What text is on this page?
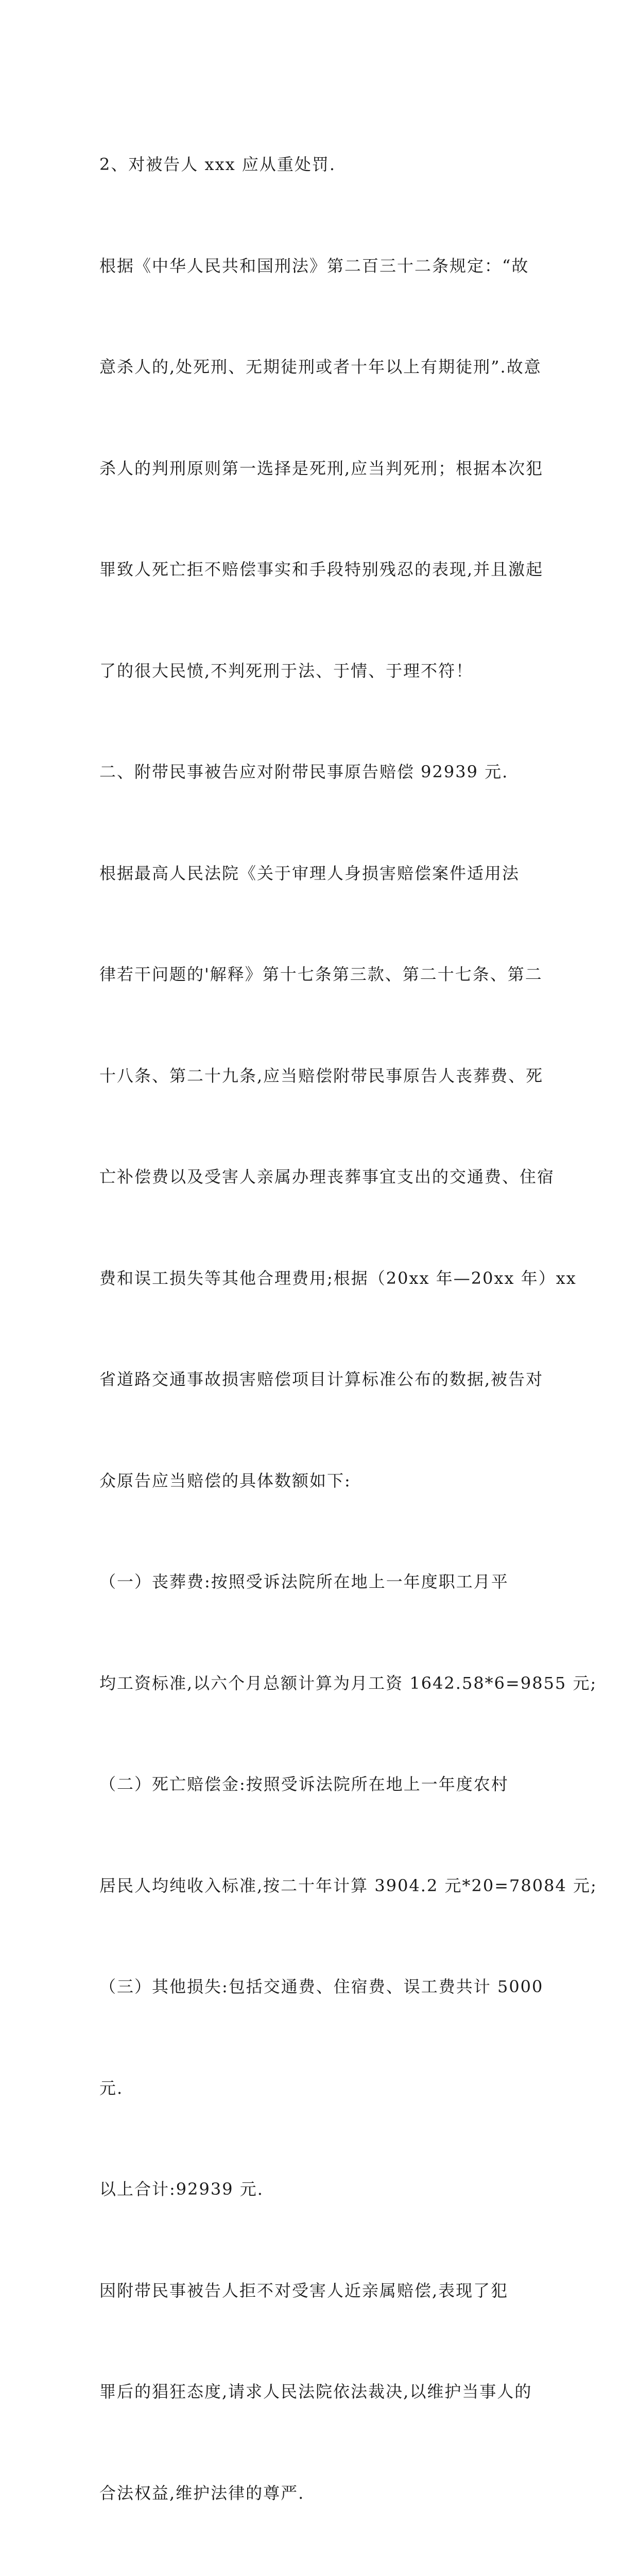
2、对被告人 xxx 应从重处罚.

根据《中华人民共和国刑法》第二百三十二条规定：“故

意杀人的,处死刑、无期徒刑或者十年以上有期徒刑”.故意

杀人的判刑原则第一选择是死刑,应当判死刑；根据本次犯

罪致人死亡拒不赔偿事实和手段特别残忍的表现,并且激起

了的很大民愤,不判死刑于法、于情、于理不符！

二、附带民事被告应对附带民事原告赔偿 92939 元.

根据最高人民法院《关于审理人身损害赔偿案件适用法

律若干问题的'解释》第十七条第三款、第二十七条、第二

十八条、第二十九条,应当赔偿附带民事原告人丧葬费、死

亡补偿费以及受害人亲属办理丧葬事宜支出的交通费、住宿

费和误工损失等其他合理费用;根据（20xx 年—20xx 年）xx

省道路交通事故损害赔偿项目计算标准公布的数据,被告对

众原告应当赔偿的具体数额如下:

（一）丧葬费:按照受诉法院所在地上一年度职工月平

均工资标准,以六个月总额计算为月工资 1642.58*6=9855 元;

（二）死亡赔偿金:按照受诉法院所在地上一年度农村

居民人均纯收入标准,按二十年计算 3904.2 元*20=78084 元;

（三）其他损失:包括交通费、住宿费、误工费共计 5000

元.

以上合计:92939 元.

因附带民事被告人拒不对受害人近亲属赔偿,表现了犯

罪后的猖狂态度,请求人民法院依法裁决,以维护当事人的

合法权益,维护法律的尊严.
